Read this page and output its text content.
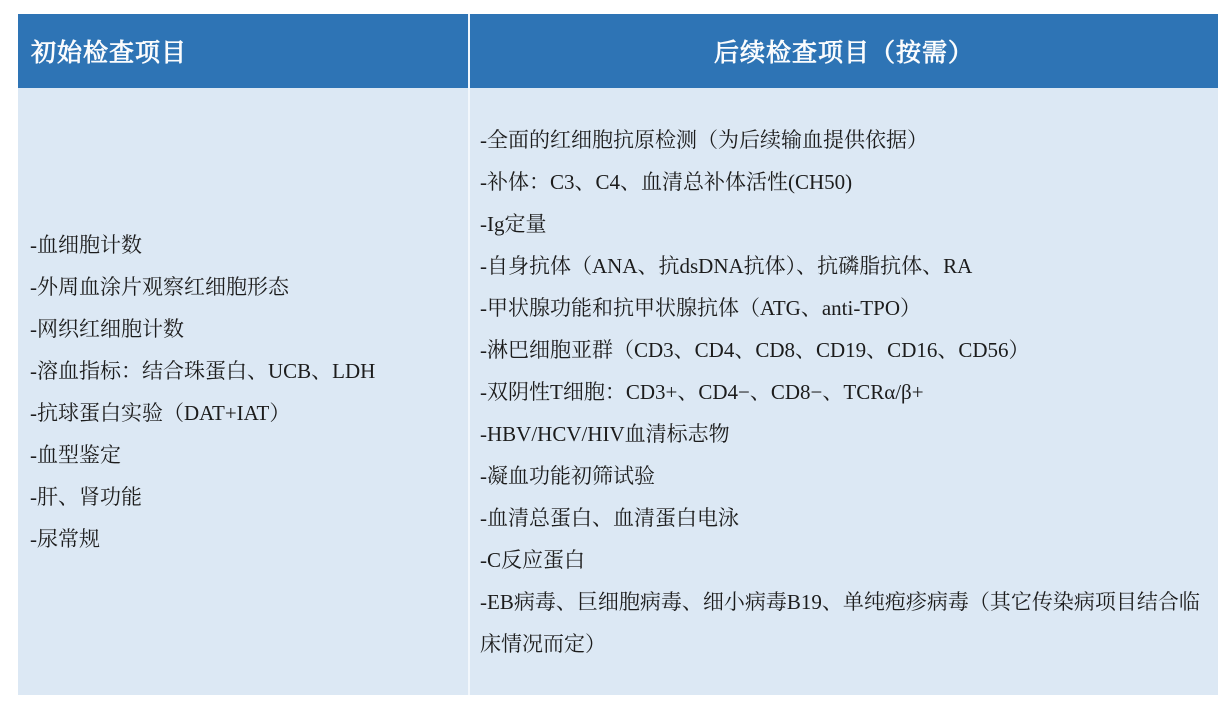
初始检查项目	后续检查项目（按需）
-血细胞计数
-外周血涂片观察红细胞形态
-网织红细胞计数
-溶血指标：结合珠蛋白、UCB、LDH
-抗球蛋白实验（DAT+IAT）
-血型鉴定
-肝、肾功能
-尿常规
-全面的红细胞抗原检测（为后续输血提供依据）
-补体：C3、C4、血清总补体活性(CH50)
-Ig定量
-自身抗体（ANA、抗dsDNA抗体）、抗磷脂抗体、RA
-甲状腺功能和抗甲状腺抗体（ATG、anti-TPO）
-淋巴细胞亚群（CD3、CD4、CD8、CD19、CD16、CD56）
-双阴性T细胞：CD3+、CD4−、CD8−、TCRα/β+
-HBV/HCV/HIV血清标志物
-凝血功能初筛试验
-血清总蛋白、血清蛋白电泳
-C反应蛋白
-EB病毒、巨细胞病毒、细小病毒B19、单纯疱疹病毒（其它传染病项目结合临床情况而定）
